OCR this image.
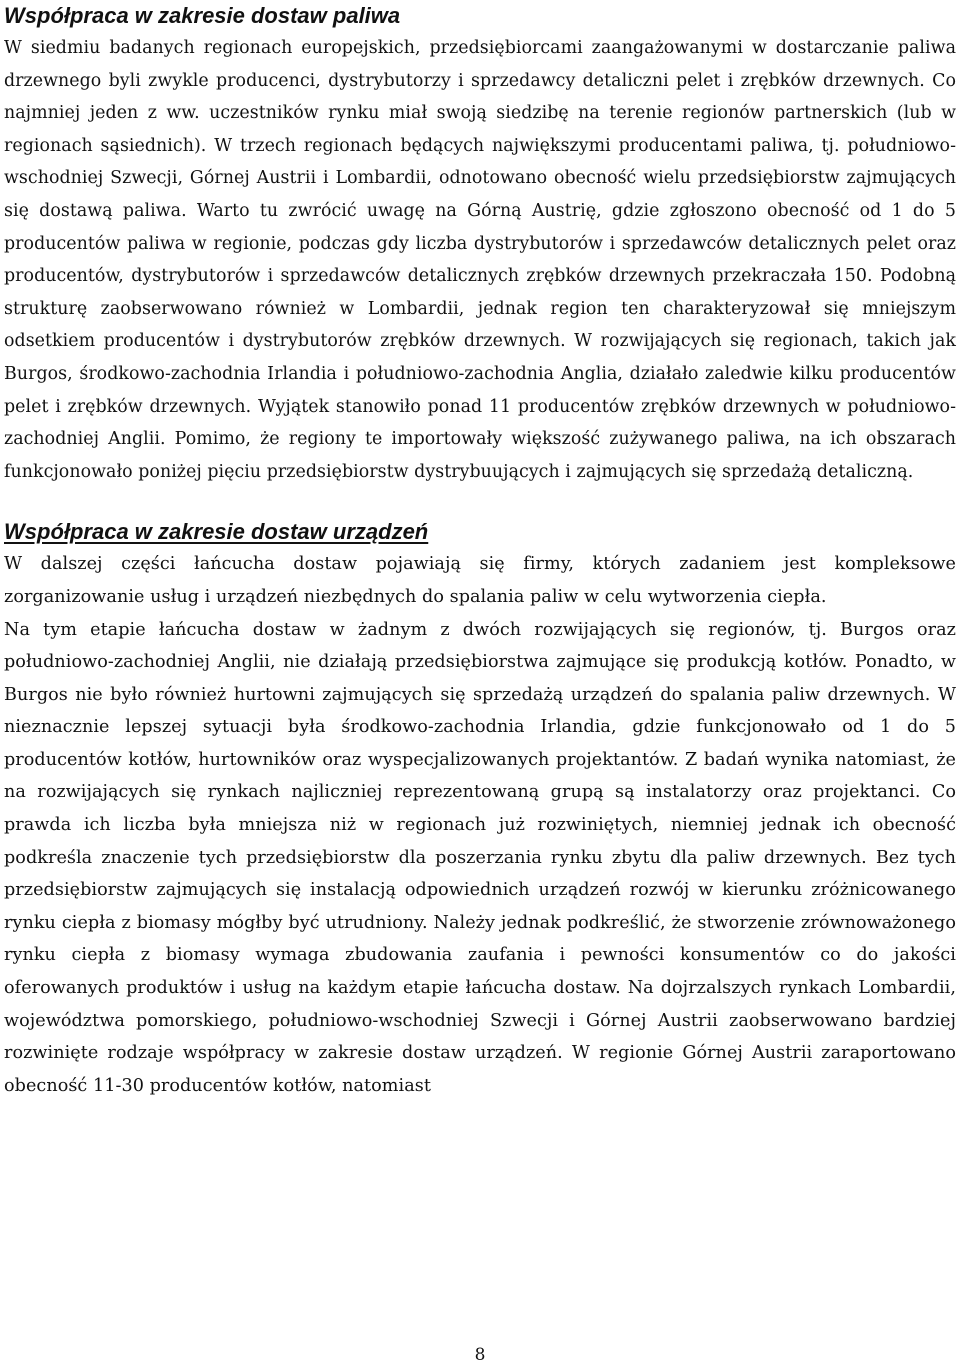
Współpraca w zakresie dostaw paliwa

W siedmiu badanych regionach europejskich, przedsiębiorcami zaangażowanymi w dostarczanie paliwa drzewnego byli zwykle producenci, dystrybutorzy i sprzedawcy detaliczni pelet i zrębków drzewnych. Co najmniej jeden z ww. uczestników rynku miał swoją siedzibę na terenie regionów partnerskich (lub w regionach sąsiednich). W trzech regionach będących największymi producentami paliwa, tj. południowo-wschodniej Szwecji, Górnej Austrii i Lombardii, odnotowano obecność wielu przedsiębiorstw zajmujących się dostawą paliwa. Warto tu zwrócić uwagę na Górną Austrię, gdzie zgłoszono obecność od 1 do 5 producentów paliwa w regionie, podczas gdy liczba dystrybutorów i sprzedawców detalicznych pelet oraz producentów, dystrybutorów i sprzedawców detalicznych zrębków drzewnych przekraczała 150. Podobną strukturę zaobserwowano również w Lombardii, jednak region ten charakteryzował się mniejszym odsetkiem producentów i dystrybutorów zrębków drzewnych. W rozwijających się regionach, takich jak Burgos, środkowo-zachodnia Irlandia i południowo-zachodnia Anglia, działało zaledwie kilku producentów pelet i zrębków drzewnych. Wyjątek stanowiło ponad 11 producentów zrębków drzewnych w południowo-zachodniej Anglii. Pomimo, że regiony te importowały większość zużywanego paliwa, na ich obszarach funkcjonowało poniżej pięciu przedsiębiorstw dystrybuujących i zajmujących się sprzedażą detaliczną.

Współpraca w zakresie dostaw urządzeń

W dalszej części łańcucha dostaw pojawiają się firmy, których zadaniem jest kompleksowe zorganizowanie usług i urządzeń niezbędnych do spalania paliw w celu wytworzenia ciepła.

Na tym etapie łańcucha dostaw w żadnym z dwóch rozwijających się regionów, tj. Burgos oraz południowo-zachodniej Anglii, nie działają przedsiębiorstwa zajmujące się produkcją kotłów. Ponadto, w Burgos nie było również hurtowni zajmujących się sprzedażą urządzeń do spalania paliw drzewnych. W nieznacznie lepszej sytuacji była środkowo-zachodnia Irlandia, gdzie funkcjonowało od 1 do 5 producentów kotłów, hurtowników oraz wyspecjalizowanych projektantów. Z badań wynika natomiast, że na rozwijających się rynkach najliczniej reprezentowaną grupą są instalatorzy oraz projektanci. Co prawda ich liczba była mniejsza niż w regionach już rozwiniętych, niemniej jednak ich obecność podkreśla znaczenie tych przedsiębiorstw dla poszerzania rynku zbytu dla paliw drzewnych. Bez tych przedsiębiorstw zajmujących się instalacją odpowiednich urządzeń rozwój w kierunku zróżnicowanego rynku ciepła z biomasy mógłby być utrudniony. Należy jednak podkreślić, że stworzenie zrównoważonego rynku ciepła z biomasy wymaga zbudowania zaufania i pewności konsumentów co do jakości oferowanych produktów i usług na każdym etapie łańcucha dostaw. Na dojrzalszych rynkach Lombardii, województwa pomorskiego, południowo-wschodniej Szwecji i Górnej Austrii zaobserwowano bardziej rozwinięte rodzaje współpracy w zakresie dostaw urządzeń. W regionie Górnej Austrii zaraportowano obecność 11-30 producentów kotłów, natomiast

8
